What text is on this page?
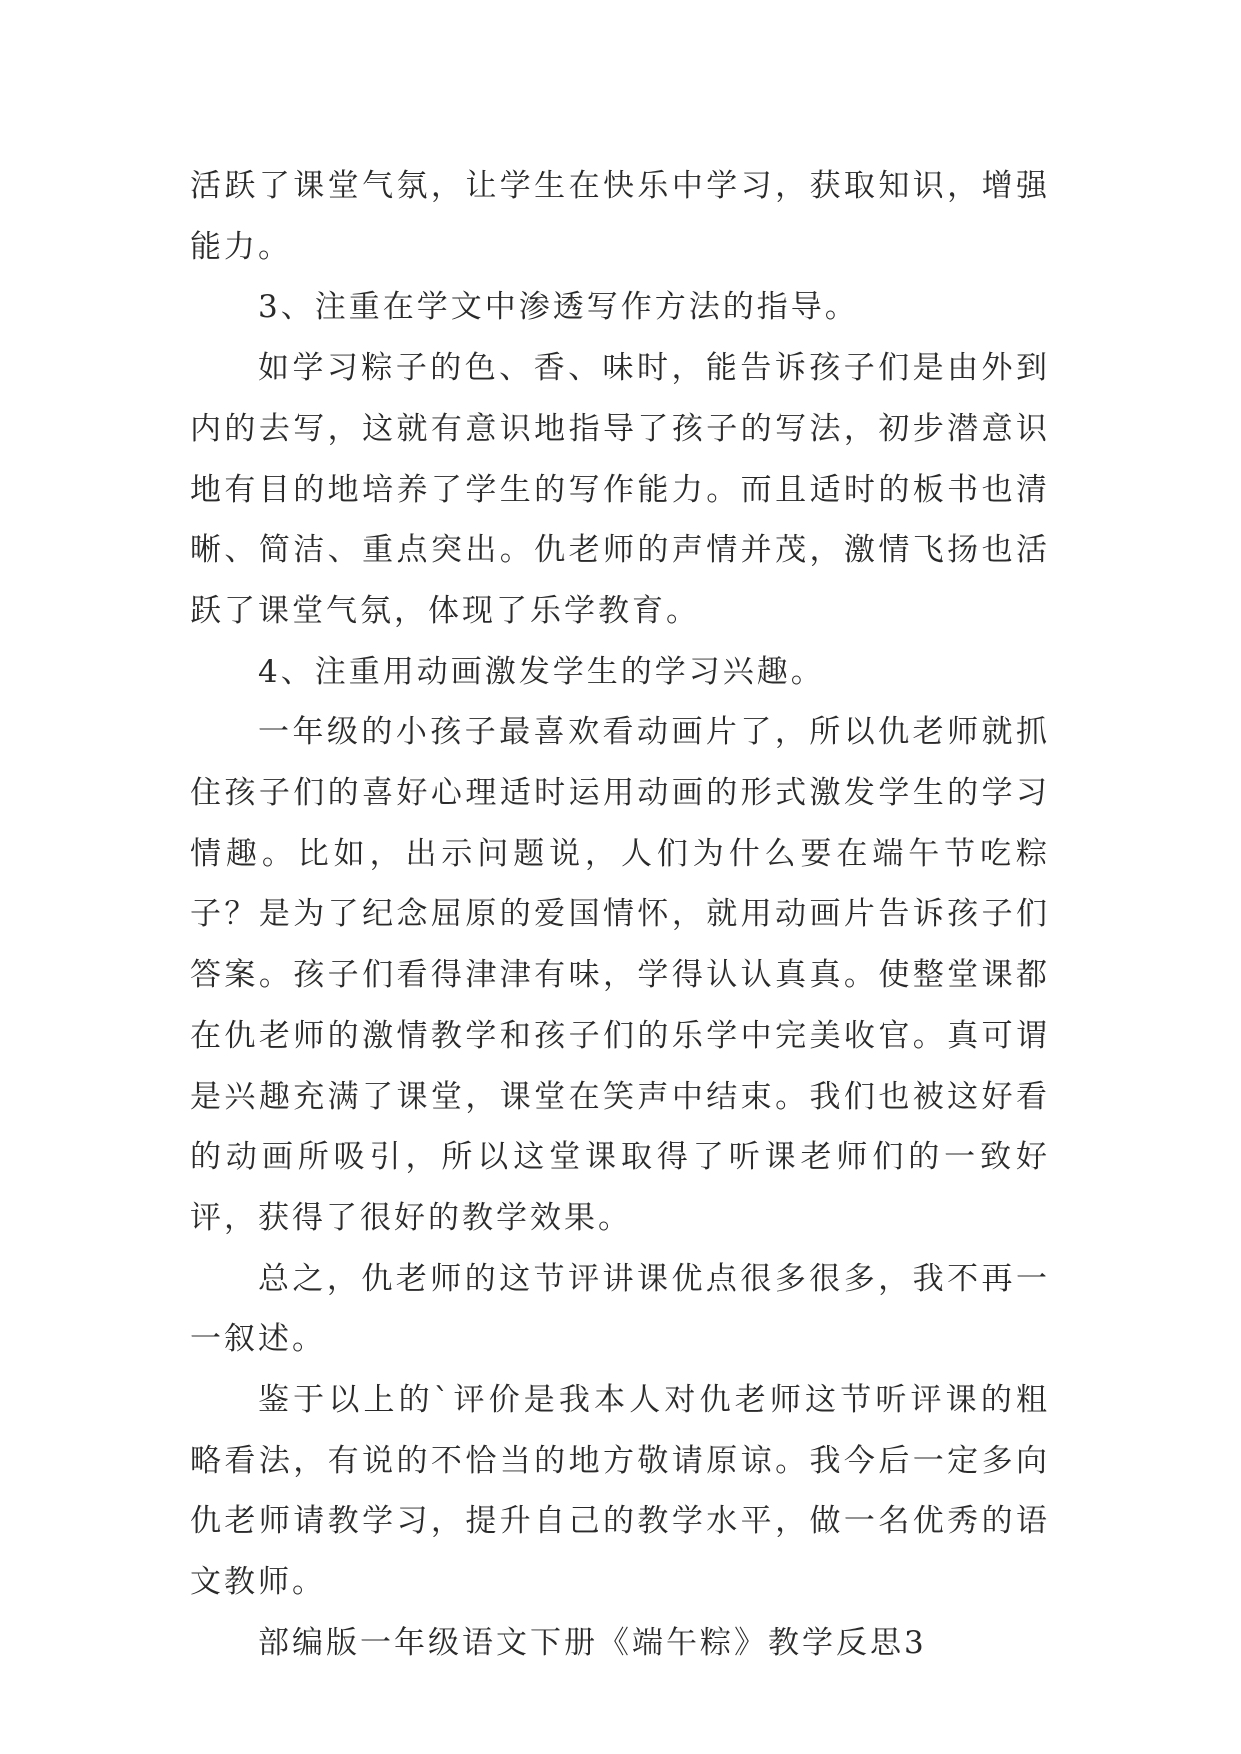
活跃了课堂气氛，让学生在快乐中学习，获取知识，增强能力。

3、注重在学文中渗透写作方法的指导。

如学习粽子的色、香、味时，能告诉孩子们是由外到内的去写，这就有意识地指导了孩子的写法，初步潜意识地有目的地培养了学生的写作能力。而且适时的板书也清晰、简洁、重点突出。仇老师的声情并茂，激情飞扬也活跃了课堂气氛，体现了乐学教育。

4、注重用动画激发学生的学习兴趣。

一年级的小孩子最喜欢看动画片了，所以仇老师就抓住孩子们的喜好心理适时运用动画的形式激发学生的学习情趣。比如，出示问题说，人们为什么要在端午节吃粽子？是为了纪念屈原的爱国情怀，就用动画片告诉孩子们答案。孩子们看得津津有味，学得认认真真。使整堂课都在仇老师的激情教学和孩子们的乐学中完美收官。真可谓是兴趣充满了课堂，课堂在笑声中结束。我们也被这好看的动画所吸引，所以这堂课取得了听课老师们的一致好评，获得了很好的教学效果。

总之，仇老师的这节评讲课优点很多很多，我不再一一叙述。

鉴于以上的`评价是我本人对仇老师这节听评课的粗略看法，有说的不恰当的地方敬请原谅。我今后一定多向仇老师请教学习，提升自己的教学水平，做一名优秀的语文教师。

部编版一年级语文下册《端午粽》教学反思3
